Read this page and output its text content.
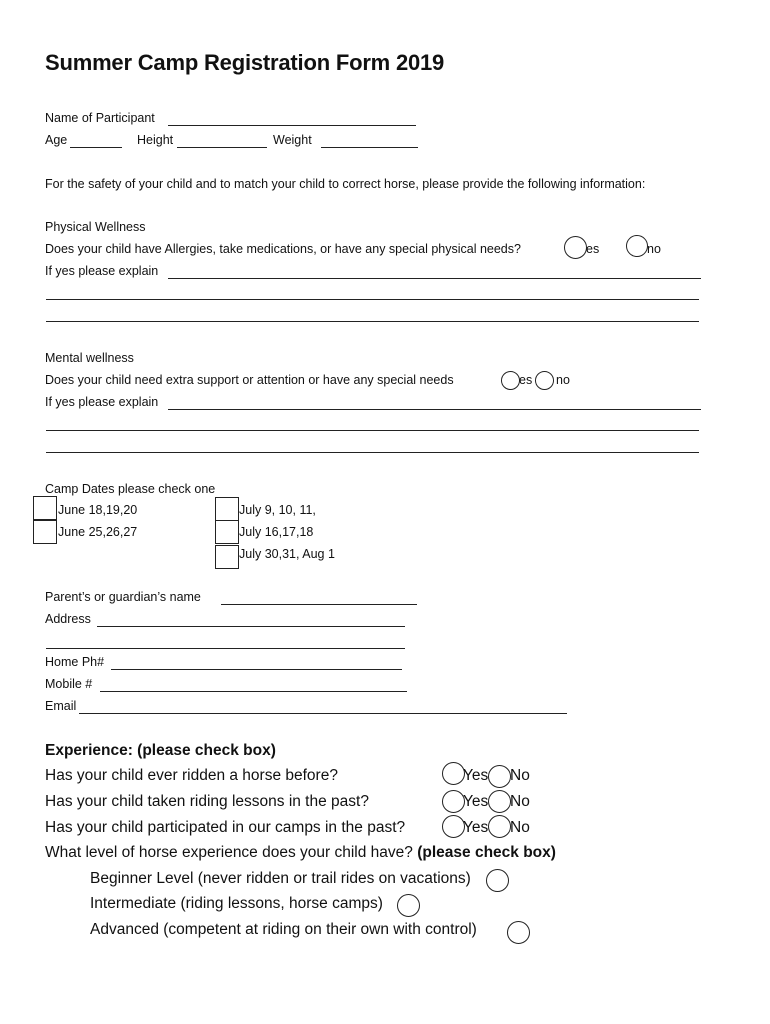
Summer Camp Registration Form 2019
Name of Participant
Age	Height	Weight
For the safety of your child and to match your child to correct horse, please provide the following information:
Physical Wellness
Does your child have Allergies, take medications, or have any special physical needs?	es	no
If yes please explain
Mental wellness
Does your child need extra support or attention or have any special needs	es no
If yes please explain
Camp Dates please check one
June 18,19,20
June 25,26,27
July 9, 10, 11,
July 16,17,18
July 30,31, Aug 1
Parent’s or guardian’s name
Address
Home Ph#
Mobile #
Email
Experience: (please check box)
Has your child ever ridden a horse before?	Yes No
Has your child taken riding lessons in the past?	Yes No
Has your child participated in our camps in the past?	Yes No
What level of horse experience does your child have? (please check box)
Beginner Level (never ridden or trail rides on vacations)
Intermediate (riding lessons, horse camps)
Advanced (competent at riding on their own with control)
